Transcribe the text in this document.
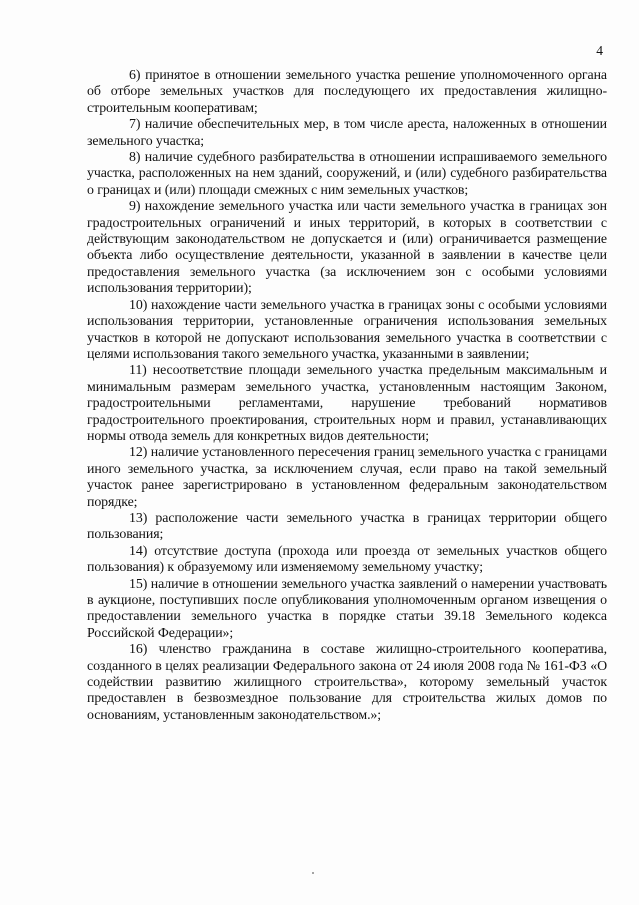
4

6) принятое в отношении земельного участка решение уполномоченного органа об отборе земельных участков для последующего их предоставления жилищно-строительным кооперативам;

7) наличие обеспечительных мер, в том числе ареста, наложенных в отношении земельного участка;

8) наличие судебного разбирательства в отношении испрашиваемого земельного участка, расположенных на нем зданий, сооружений, и (или) судебного разбирательства о границах и (или) площади смежных с ним земельных участков;

9) нахождение земельного участка или части земельного участка в границах зон градостроительных ограничений и иных территорий, в которых в соответствии с действующим законодательством не допускается и (или) ограничивается размещение объекта либо осуществление деятельности, указанной в заявлении в качестве цели предоставления земельного участка (за исключением зон с особыми условиями использования территории);

10) нахождение части земельного участка в границах зоны с особыми условиями использования территории, установленные ограничения использования земельных участков в которой не допускают использования земельного участка в соответствии с целями использования такого земельного участка, указанными в заявлении;

11) несоответствие площади земельного участка предельным максимальным и минимальным размерам земельного участка, установленным настоящим Законом, градостроительными регламентами, нарушение требований нормативов градостроительного проектирования, строительных норм и правил, устанавливающих нормы отвода земель для конкретных видов деятельности;

12) наличие установленного пересечения границ земельного участка с границами иного земельного участка, за исключением случая, если право на такой земельный участок ранее зарегистрировано в установленном федеральным законодательством порядке;

13) расположение части земельного участка в границах территории общего пользования;

14) отсутствие доступа (прохода или проезда от земельных участков общего пользования) к образуемому или изменяемому земельному участку;

15) наличие в отношении земельного участка заявлений о намерении участвовать в аукционе, поступивших после опубликования уполномоченным органом извещения о предоставлении земельного участка в порядке статьи 39.18 Земельного кодекса Российской Федерации»;

16) членство гражданина в составе жилищно-строительного кооператива, созданного в целях реализации Федерального закона от 24 июля 2008 года № 161-ФЗ «О содействии развитию жилищного строительства», которому земельный участок предоставлен в безвозмездное пользование для строительства жилых домов по основаниям, установленным законодательством.»;
